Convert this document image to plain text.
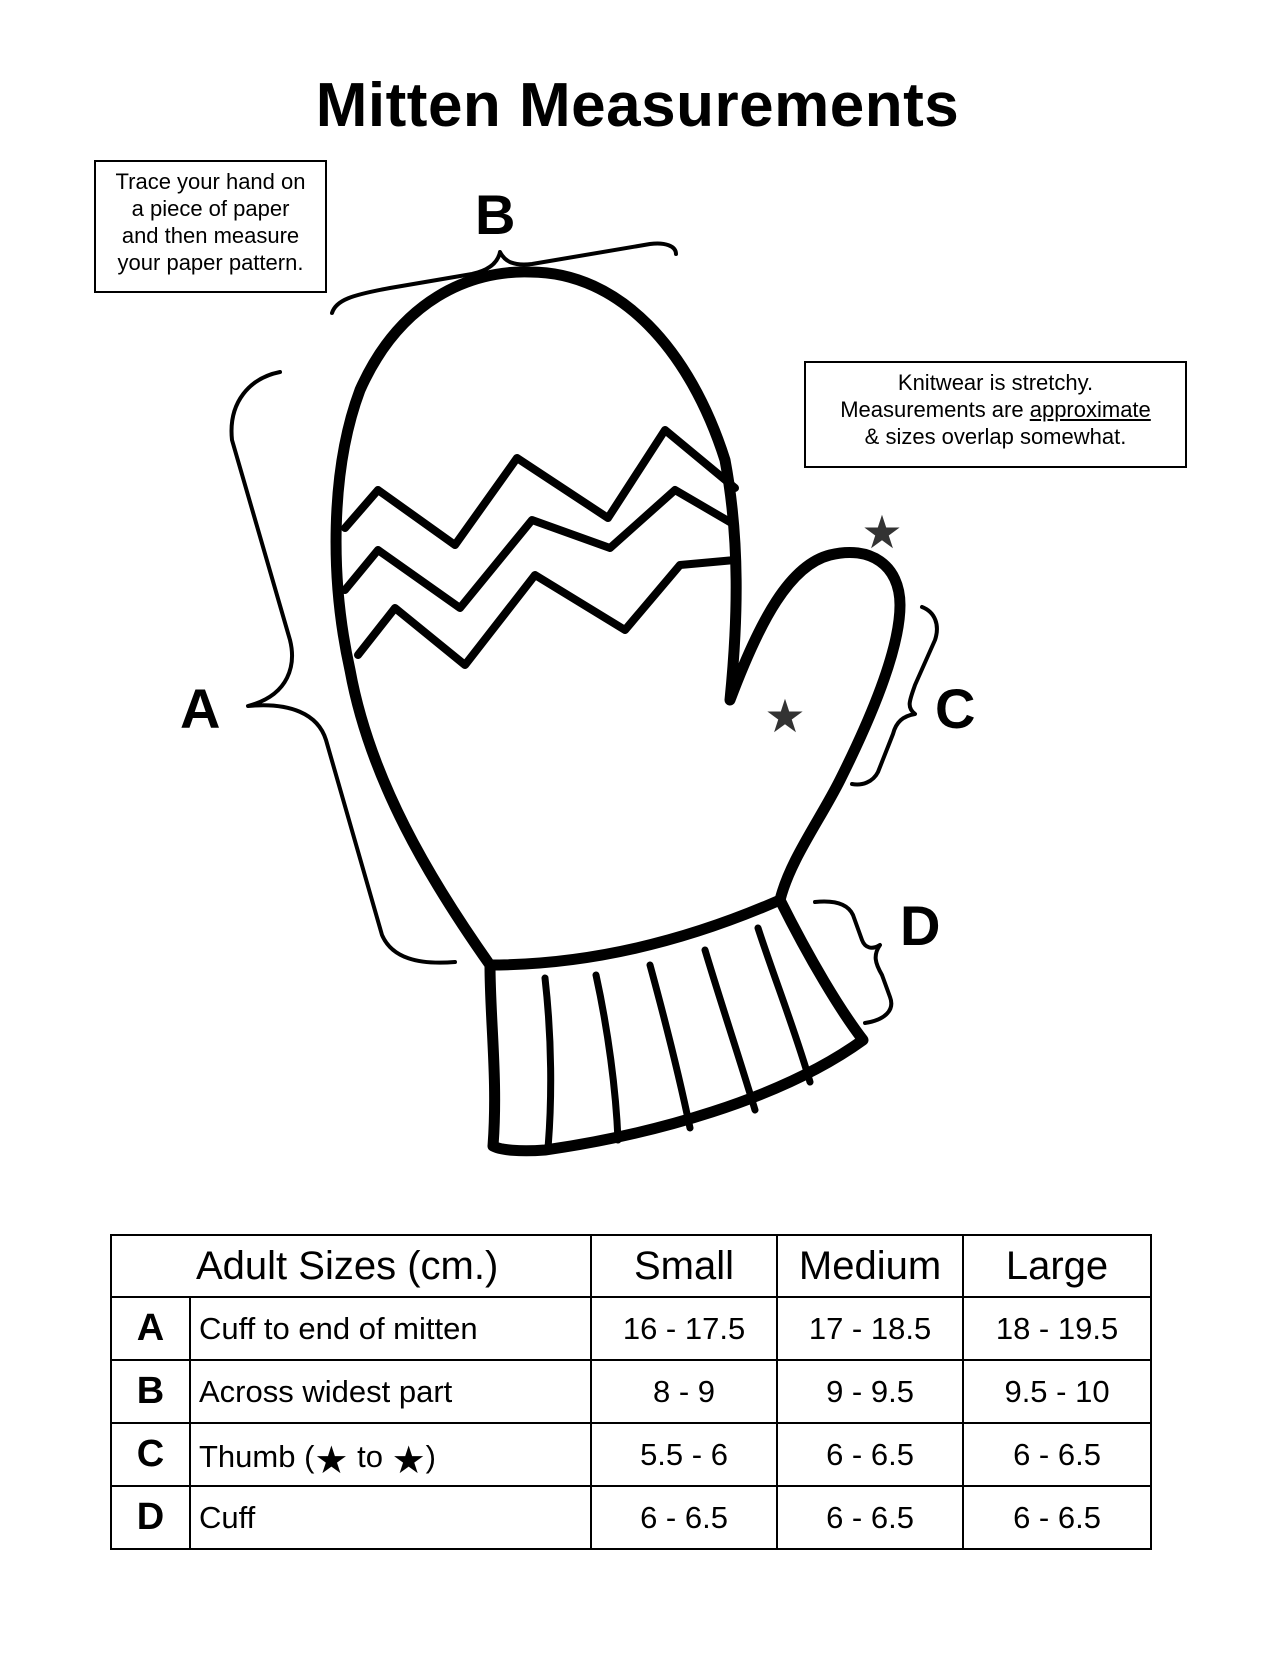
Mitten Measurements
Trace your hand on
a piece of paper
and then measure
your paper pattern.
Knitwear is stretchy.
Measurements are approximate
& sizes overlap somewhat.
★
★
A
B
C
D
Adult Sizes (cm.)		Small	Medium	Large
A	Cuff to end of mitten	16 - 17.5	17 - 18.5	18 - 19.5
B	Across widest part	8 - 9	9 - 9.5	9.5 - 10
C	Thumb (★ to ★)	5.5 - 6	6 - 6.5	6 - 6.5
D	Cuff	6 - 6.5	6 - 6.5	6 - 6.5
